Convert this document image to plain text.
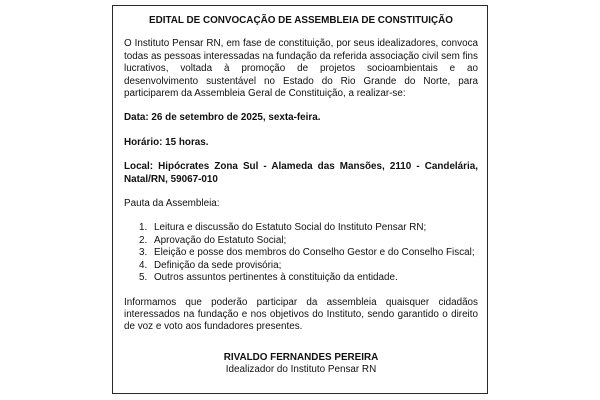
EDITAL DE CONVOCAÇÃO DE ASSEMBLEIA DE CONSTITUIÇÃO

O Instituto Pensar RN, em fase de constituição, por seus idealizadores, convoca todas as pessoas interessadas na fundação da referida associação civil sem fins lucrativos, voltada à promoção de projetos socioambientais e ao desenvolvimento sustentável no Estado do Rio Grande do Norte, para participarem da Assembleia Geral de Constituição, a realizar-se:

Data: 26 de setembro de 2025, sexta-feira.

Horário: 15 horas.

Local: Hipócrates Zona Sul - Alameda das Mansões, 2110 - Candelária, Natal/RN, 59067-010

Pauta da Assembleia:

1. Leitura e discussão do Estatuto Social do Instituto Pensar RN;
2. Aprovação do Estatuto Social;
3. Eleição e posse dos membros do Conselho Gestor e do Conselho Fiscal;
4. Definição da sede provisória;
5. Outros assuntos pertinentes à constituição da entidade.

Informamos que poderão participar da assembleia quaisquer cidadãos interessados na fundação e nos objetivos do Instituto, sendo garantido o direito de voz e voto aos fundadores presentes.

RIVALDO FERNANDES PEREIRA
Idealizador do Instituto Pensar RN
